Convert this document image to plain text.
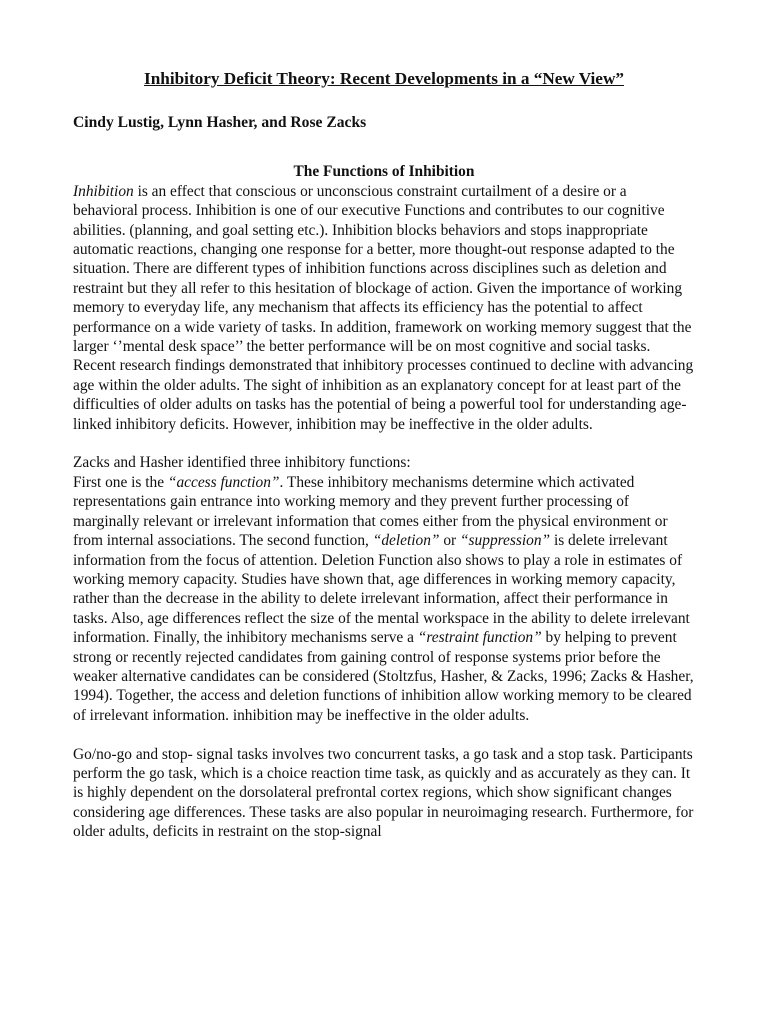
Inhibitory Deficit Theory: Recent Developments in a “New View”

Cindy Lustig, Lynn Hasher, and Rose Zacks

The Functions of Inhibition

Inhibition is an effect that conscious or unconscious constraint curtailment of a desire or a behavioral process. Inhibition is one of our executive Functions and contributes to our cognitive abilities. (planning, and goal setting etc.). Inhibition blocks behaviors and stops inappropriate automatic reactions, changing one response for a better, more thought-out response adapted to the situation. There are different types of inhibition functions across disciplines such as deletion and restraint but they all refer to this hesitation of blockage of action. Given the importance of working memory to everyday life, any mechanism that affects its efficiency has the potential to affect performance on a wide variety of tasks. In addition, framework on working memory suggest that the larger ‘’mental desk space’’ the better performance will be on most cognitive and social tasks. Recent research findings demonstrated that inhibitory processes continued to decline with advancing age within the older adults. The sight of inhibition as an explanatory concept for at least part of the difficulties of older adults on tasks has the potential of being a powerful tool for understanding age-linked inhibitory deficits. However, inhibition may be ineffective in the older adults.

Zacks and Hasher identified three inhibitory functions:

First one is the “access function”. These inhibitory mechanisms determine which activated representations gain entrance into working memory and they prevent further processing of marginally relevant or irrelevant information that comes either from the physical environment or from internal associations. The second function, “deletion” or “suppression” is delete irrelevant information from the focus of attention. Deletion Function also shows to play a role in estimates of working memory capacity. Studies have shown that, age differences in working memory capacity, rather than the decrease in the ability to delete irrelevant information, affect their performance in tasks. Also, age differences reflect the size of the mental workspace in the ability to delete irrelevant information. Finally, the inhibitory mechanisms serve a “restraint function” by helping to prevent strong or recently rejected candidates from gaining control of response systems prior before the weaker alternative candidates can be considered (Stoltzfus, Hasher, & Zacks, 1996; Zacks & Hasher, 1994). Together, the access and deletion functions of inhibition allow working memory to be cleared of irrelevant information. inhibition may be ineffective in the older adults.

Go/no-go and stop- signal tasks involves two concurrent tasks, a go task and a stop task. Participants perform the go task, which is a choice reaction time task, as quickly and as accurately as they can. It is highly dependent on the dorsolateral prefrontal cortex regions, which show significant changes considering age differences. These tasks are also popular in neuroimaging research. Furthermore, for older adults, deficits in restraint on the stop-signal
